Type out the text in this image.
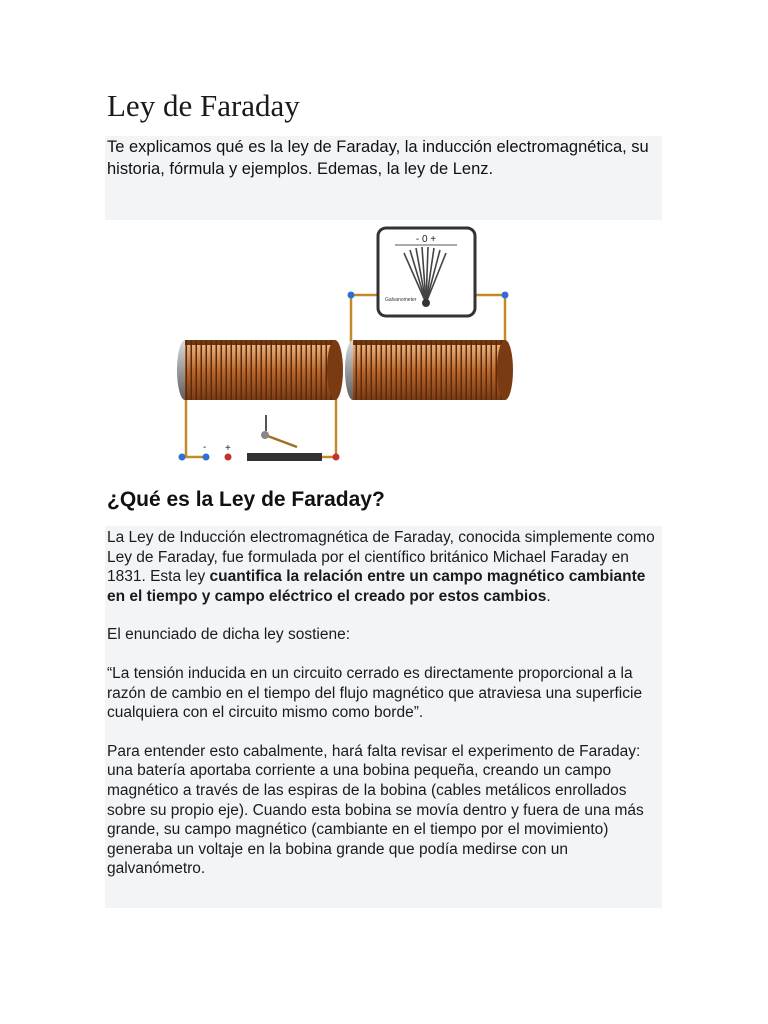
Ley de Faraday
Te explicamos qué es la ley de Faraday, la inducción electromagnética, su historia, fórmula y ejemplos. Edemas, la ley de Lenz.
- 0 +
Galvanometer
- +
¿Qué es la Ley de Faraday?

La Ley de Inducción electromagnética de Faraday, conocida simplemente como Ley de Faraday, fue formulada por el científico británico Michael Faraday en 1831. Esta ley cuantifica la relación entre un campo magnético cambiante en el tiempo y campo eléctrico el creado por estos cambios.

El enunciado de dicha ley sostiene:

“La tensión inducida en un circuito cerrado es directamente proporcional a la razón de cambio en el tiempo del flujo magnético que atraviesa una superficie cualquiera con el circuito mismo como borde”.

Para entender esto cabalmente, hará falta revisar el experimento de Faraday: una batería aportaba corriente a una bobina pequeña, creando un campo magnético a través de las espiras de la bobina (cables metálicos enrollados sobre su propio eje). Cuando esta bobina se movía dentro y fuera de una más grande, su campo magnético (cambiante en el tiempo por el movimiento) generaba un voltaje en la bobina grande que podía medirse con un galvanómetro.
